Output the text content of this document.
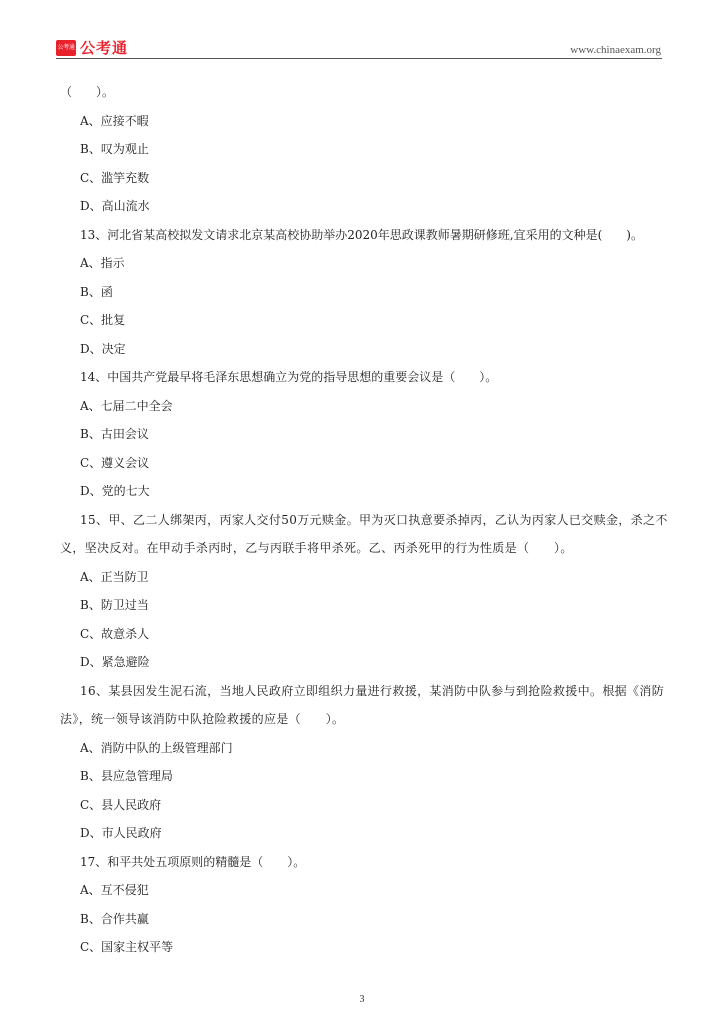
公考通 公考通	www.chinaexam.org
（　　）。
A、应接不暇
B、叹为观止
C、滥竽充数
D、高山流水
13、河北省某高校拟发文请求北京某高校协助举办2020年思政课教师暑期研修班,宜采用的文种是(　　)。
A、指示
B、函
C、批复
D、决定
14、中国共产党最早将毛泽东思想确立为党的指导思想的重要会议是（　　）。
A、七届二中全会
B、古田会议
C、遵义会议
D、党的七大
15、甲、乙二人绑架丙，丙家人交付50万元赎金。甲为灭口执意要杀掉丙，乙认为丙家人已交赎金，杀之不义，坚决反对。在甲动手杀丙时，乙与丙联手将甲杀死。乙、丙杀死甲的行为性质是（　　）。
A、正当防卫
B、防卫过当
C、故意杀人
D、紧急避险
16、某县因发生泥石流，当地人民政府立即组织力量进行救援，某消防中队参与到抢险救援中。根据《消防法》，统一领导该消防中队抢险救援的应是（　　）。
A、消防中队的上级管理部门
B、县应急管理局
C、县人民政府
D、市人民政府
17、和平共处五项原则的精髓是（　　）。
A、互不侵犯
B、合作共赢
C、国家主权平等
3
